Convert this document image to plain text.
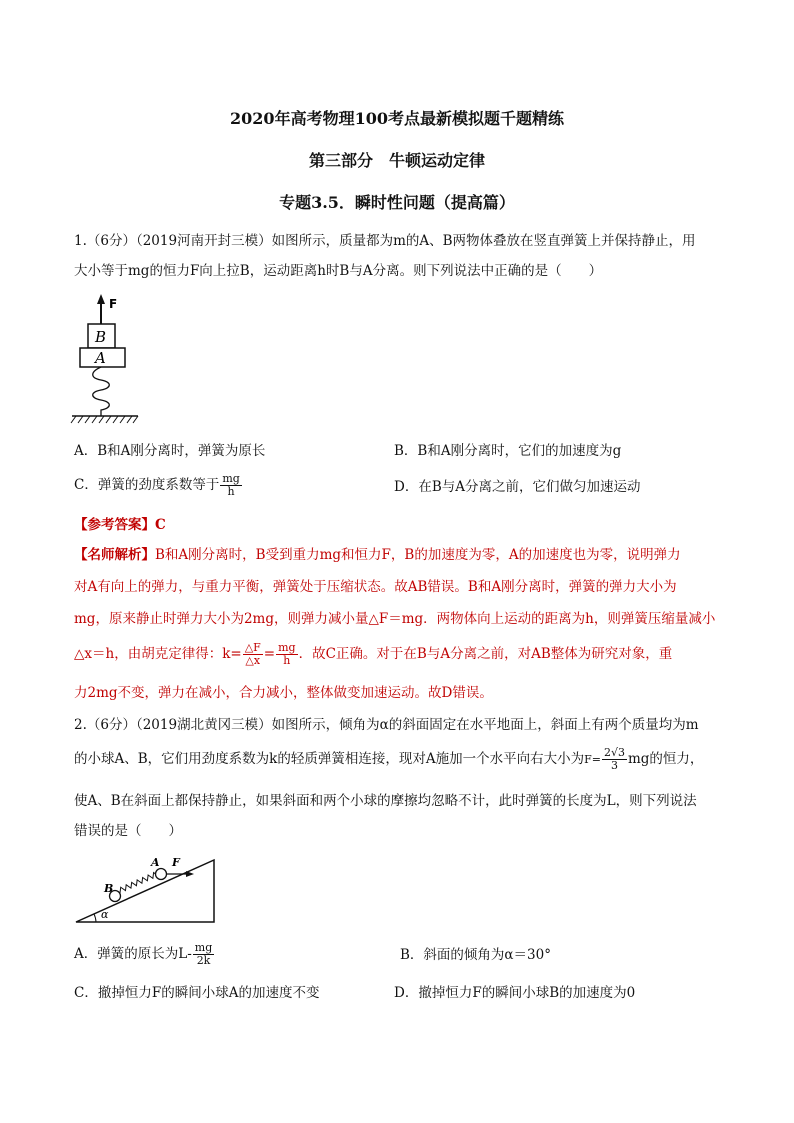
2020年高考物理100考点最新模拟题千题精练
第三部分　牛顿运动定律
专题3.5．瞬时性问题（提高篇）
1.（6分）（2019河南开封三模）如图所示，质量都为m的A、B两物体叠放在竖直弹簧上并保持静止，用
大小等于mg的恒力F向上拉B，运动距离h时B与A分离。则下列说法中正确的是（　　）
F
B
A
A．B和A刚分离时，弹簧为原长	B．B和A刚分离时，它们的加速度为g
C．弹簧的劲度系数等于 $\frac{mg}{h}$	D．在B与A分离之前，它们做匀加速运动
【参考答案】C
【名师解析】B和A刚分离时，B受到重力mg和恒力F，B的加速度为零，A的加速度也为零，说明弹力
对A有向上的弹力，与重力平衡，弹簧处于压缩状态。故AB错误。B和A刚分离时，弹簧的弹力大小为
mg，原来静止时弹力大小为2mg，则弹力减小量△F＝mg．两物体向上运动的距离为h，则弹簧压缩量减小
△x＝h，由胡克定律得：$k= \frac{\triangle F}{\triangle x} = \frac{mg}{h}$ ．故C正确。对于在B与A分离之前，对AB整体为研究对象，重
力2mg不变，弹力在减小，合力减小，整体做变加速运动。故D错误。
2.（6分）（2019湖北黄冈三模）如图所示，倾角为α的斜面固定在水平地面上，斜面上有两个质量均为m
的小球A、B，它们用劲度系数为k的轻质弹簧相连接，现对A施加一个水平向右大小为$F= \frac{2√3}{3}$ mg的恒力，
使A、B在斜面上都保持静止，如果斜面和两个小球的摩擦均忽略不计，此时弹簧的长度为L，则下列说法
错误的是（　　）
α
B
A F
A．弹簧的原长为$L- \frac{mg}{2k}$	B．斜面的倾角为α＝30°
C．撤掉恒力F的瞬间小球A的加速度不变	D．撤掉恒力F的瞬间小球B的加速度为0
